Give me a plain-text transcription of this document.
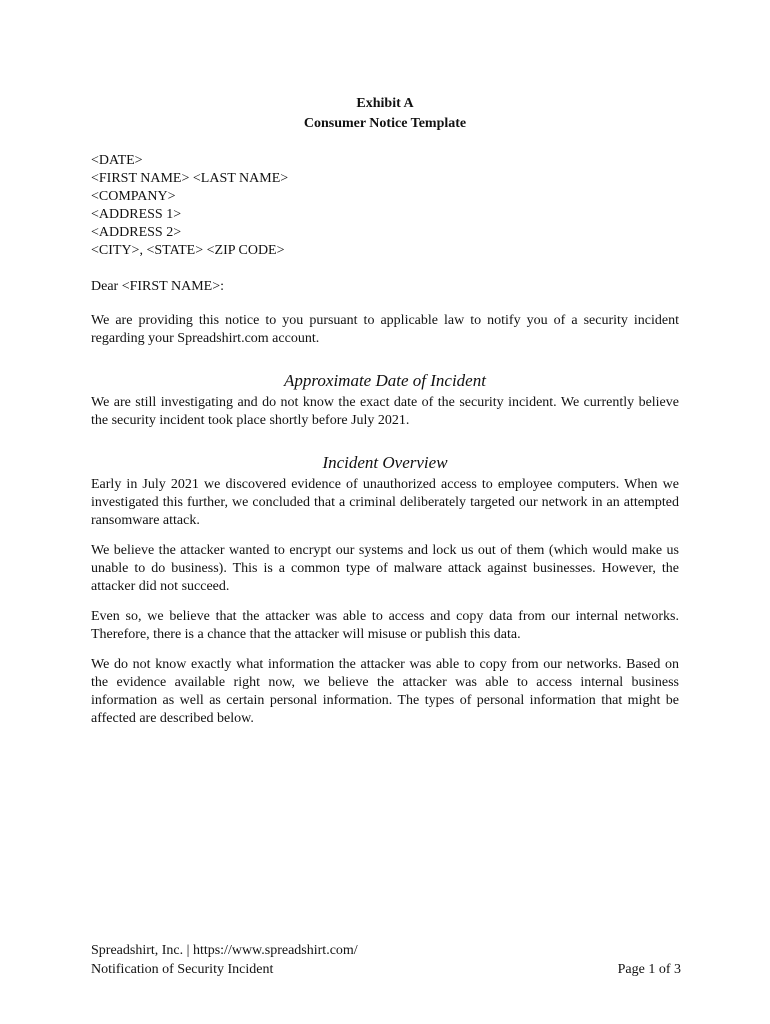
Exhibit A
Consumer Notice Template
<DATE>
<FIRST NAME> <LAST NAME>
<COMPANY>
<ADDRESS 1>
<ADDRESS 2>
<CITY>, <STATE> <ZIP CODE>
Dear <FIRST NAME>:

We are providing this notice to you pursuant to applicable law to notify you of a security incident regarding your Spreadshirt.com account.

Approximate Date of Incident

We are still investigating and do not know the exact date of the security incident. We currently believe the security incident took place shortly before July 2021.

Incident Overview

Early in July 2021 we discovered evidence of unauthorized access to employee computers. When we investigated this further, we concluded that a criminal deliberately targeted our network in an attempted ransomware attack.

We believe the attacker wanted to encrypt our systems and lock us out of them (which would make us unable to do business). This is a common type of malware attack against businesses. However, the attacker did not succeed.

Even so, we believe that the attacker was able to access and copy data from our internal networks. Therefore, there is a chance that the attacker will misuse or publish this data.

We do not know exactly what information the attacker was able to copy from our networks. Based on the evidence available right now, we believe the attacker was able to access internal business information as well as certain personal information. The types of personal information that might be affected are described below.

Spreadshirt, Inc. | https://www.spreadshirt.com/
Notification of Security Incident	Page 1 of 3
